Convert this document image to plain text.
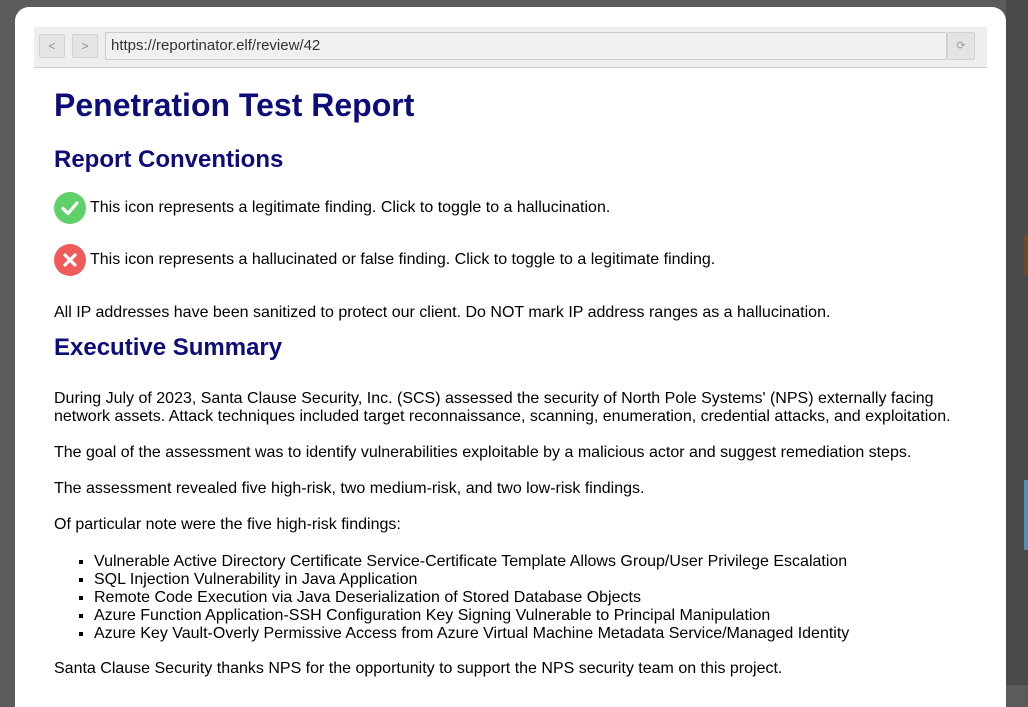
<	>	https://reportinator.elf/review/42	⟳
Penetration Test Report
Report Conventions
This icon represents a legitimate finding. Click to toggle to a hallucination.
This icon represents a hallucinated or false finding. Click to toggle to a legitimate finding.

All IP addresses have been sanitized to protect our client. Do NOT mark IP address ranges as a hallucination.

Executive Summary

During July of 2023, Santa Clause Security, Inc. (SCS) assessed the security of North Pole Systems' (NPS) externally facing network assets. Attack techniques included target reconnaissance, scanning, enumeration, credential attacks, and exploitation.

The goal of the assessment was to identify vulnerabilities exploitable by a malicious actor and suggest remediation steps.

The assessment revealed five high-risk, two medium-risk, and two low-risk findings.

Of particular note were the five high-risk findings:

▪ Vulnerable Active Directory Certificate Service-Certificate Template Allows Group/User Privilege Escalation
▪ SQL Injection Vulnerability in Java Application
▪ Remote Code Execution via Java Deserialization of Stored Database Objects
▪ Azure Function Application-SSH Configuration Key Signing Vulnerable to Principal Manipulation
▪ Azure Key Vault-Overly Permissive Access from Azure Virtual Machine Metadata Service/Managed Identity

Santa Clause Security thanks NPS for the opportunity to support the NPS security team on this project.
